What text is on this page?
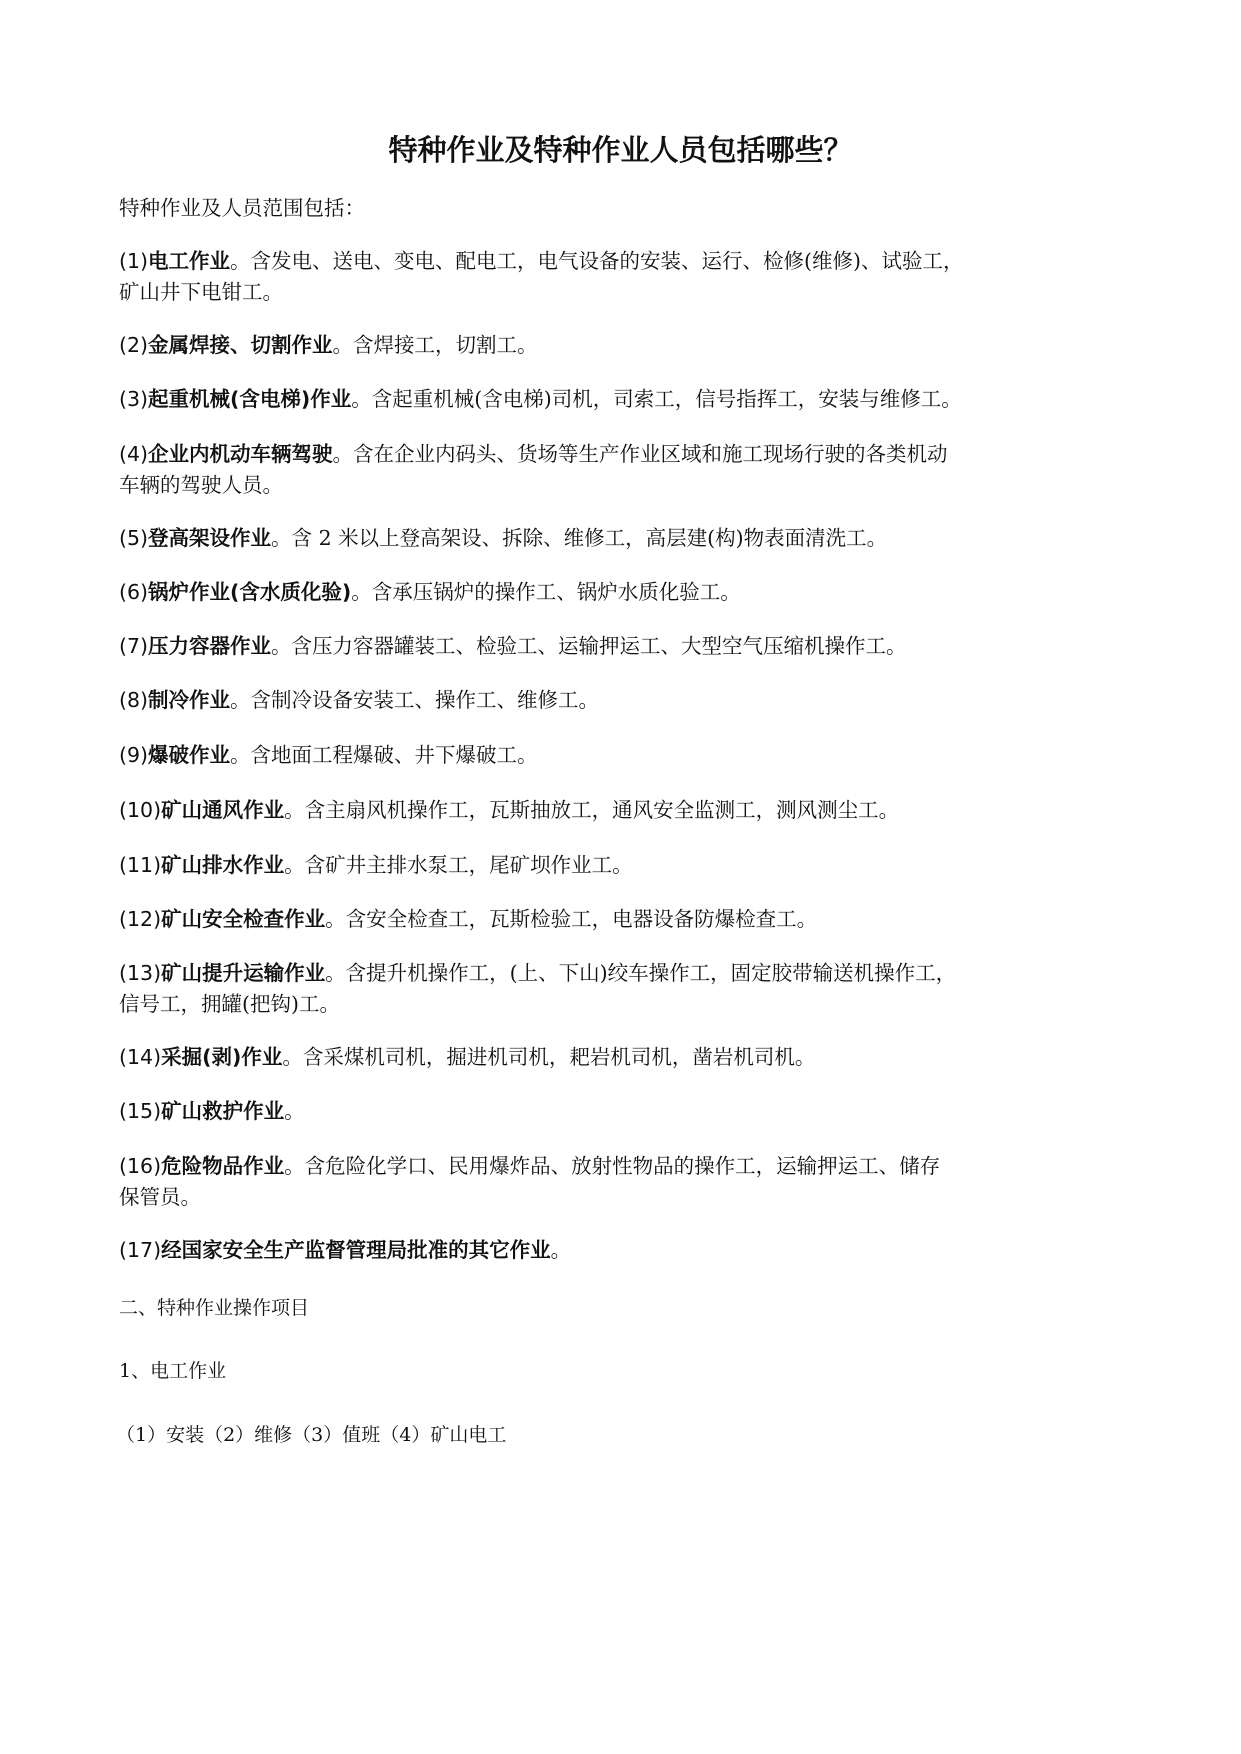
特种作业及特种作业人员包括哪些？

特种作业及人员范围包括：

(1)电工作业。含发电、送电、变电、配电工，电气设备的安装、运行、检修(维修)、试验工，
矿山井下电钳工。

(2)金属焊接、切割作业。含焊接工，切割工。

(3)起重机械(含电梯)作业。含起重机械(含电梯)司机，司索工，信号指挥工，安装与维修工。

(4)企业内机动车辆驾驶。含在企业内码头、货场等生产作业区域和施工现场行驶的各类机动
车辆的驾驶人员。

(5)登高架设作业。含 2 米以上登高架设、拆除、维修工，高层建(构)物表面清洗工。

(6)锅炉作业(含水质化验)。含承压锅炉的操作工、锅炉水质化验工。

(7)压力容器作业。含压力容器罐装工、检验工、运输押运工、大型空气压缩机操作工。

(8)制冷作业。含制冷设备安装工、操作工、维修工。

(9)爆破作业。含地面工程爆破、井下爆破工。

(10)矿山通风作业。含主扇风机操作工，瓦斯抽放工，通风安全监测工，测风测尘工。

(11)矿山排水作业。含矿井主排水泵工，尾矿坝作业工。

(12)矿山安全检查作业。含安全检查工，瓦斯检验工，电器设备防爆检查工。

(13)矿山提升运输作业。含提升机操作工，(上、下山)绞车操作工，固定胶带输送机操作工，
信号工，拥罐(把钩)工。

(14)采掘(剥)作业。含采煤机司机，掘进机司机，耙岩机司机，凿岩机司机。

(15)矿山救护作业。

(16)危险物品作业。含危险化学口、民用爆炸品、放射性物品的操作工，运输押运工、储存
保管员。

(17)经国家安全生产监督管理局批准的其它作业。

二、特种作业操作项目

1、电工作业

（1）安装（2）维修（3）值班（4）矿山电工
